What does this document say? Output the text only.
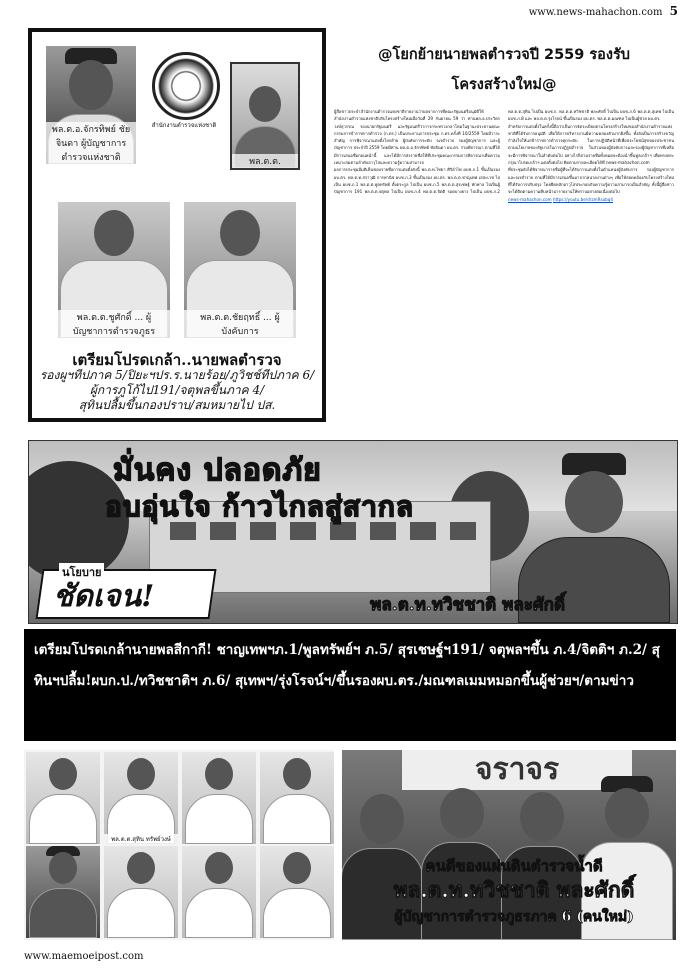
www.news-mahachon.com 5
พล.ต.อ.จักรทิพย์ ชัยจินดา ผู้บัญชาการตำรวจแห่งชาติ
สำนักงานตำรวจแห่งชาติ
พล.ต.ต.
พล.ต.ต.ชูศักดิ์ ... ผู้บัญชาการตำรวจภูธร
พล.ต.ต.ชัยฤทธิ์ ... ผู้บังคับการ
เตรียมโปรดเกล้า..นายพลตำรวจ
รองผูฯทีปภาค 5/ปิยะฯปร.ร.นายร้อย/ภูวิชช์ทีปภาค 6/
ผู้การภูโก้ไป191/จตุพลขึ้นภาค 4/
สุทินปลื้มขึ้นกองปราบ/สมหมายไป ปส.
@โยกย้ายนายพลตำรวจปี 2559 รองรับ
โครงสร้างใหม่@

ผู้สื่อข่าวประจำสำนักงานตำรวจแห่งชาติรายงานว่าผลจากการที่คณะรัฐมนตรีอนุมัติให้สำนักงานตำรวจแห่งชาติปรับโครงสร้างใหม่เมื่อวันที่ 29 กันยายน 59 ว่า ท่านพล.อ.ประวิตร วงษ์สุวรรณ รองนายกรัฐมนตรี และรัฐมนตรีว่าการกระทรวงกลาโหมในฐานะประธานคณะกรรมการข้าราชการตำรวจ (ก.ตร.) เป็นประธานการประชุม ก.ตร.ครั้งที่ 10/2559 โดยมีวาระสำคัญ การพิจารณาแต่งตั้งโยกย้าย ผู้บังคับการระดับ จเรตำรวจ รองผู้บัญชาการ และผู้บัญชาการ ประจำปี 2559 โดยมีท่าน พล.ต.อ.จักรทิพย์ ชัยจินดา ผบ.ตร. ร่วมพิจารณา ตามที่ได้มีการเสนอชื่อก่อนหน้านี้ และได้มีการส่งรายชื่อให้ที่ประชุมคณะกรรมการพิจารณาเพื่อความเหมาะสมตามลำดับอาวุโสและความรู้ความสามารถ

ผลการประชุมมีมติเห็นชอบรายชื่อการแต่งตั้งดังนี้ พล.ต.ท.ไชยา ศิริอำไพ ผบช.ภ.1 ขึ้นเป็นรอง ผบ.ตร. พล.ต.ท.สราวุฒิ การพานิช ผบช.ภ.3 ขึ้นเป็นรอง ผบ.ตร. พล.ต.ต.ชาญเทพ เสสะเวช ไปเป็น ผบช.ภ.1 พล.ต.ต.พูลทรัพย์ ตั้งตระกูล ไปเป็น ผบช.ภ.5 พล.ต.ต.สุรเชษฐ์ หักพาล ไปเป็นผู้บัญชาการ 191 พล.ต.ต.จตุพล ไปเป็น ผบช.ภ.4 พล.ต.ต.จิตติ รอดบางยาง ไปเป็น ผบช.ภ.2 พล.ต.ต.สุทิน ไปเป็น ผบช.ก. พล.ต.ต.ทวิชชาติ พละศักดิ์ ไปเป็น ผบช.ภ.6 พล.ต.ต.สุเทพ ไปเป็น ผบช.ภ.8 และ พล.ต.ต.รุ่งโรจน์ ขึ้นเป็นรอง ผบ.ตร. พล.ต.ต.มณฑล ไปเป็นผู้ช่วย ผบ.ตร.

สำหรับการแต่งตั้งในครั้งนี้ถือว่าเป็นการจัดระเบียบตามโครงสร้างใหม่ของสำนักงานตำรวจแห่งชาติที่ได้รับการอนุมัติ เพื่อให้การบริหารงานมีความคล่องตัวมากยิ่งขึ้น ทั้งยังเป็นการสร้างขวัญกำลังใจให้แก่ข้าราชการตำรวจทุกระดับ ในการปฏิบัติหน้าที่เพื่อประโยชน์สุขของประชาชน ตามนโยบายของรัฐบาลในการปฏิรูปตำรวจ ในส่วนของผู้บังคับการและรองผู้บัญชาการที่เหลือจะมีการพิจารณาในลำดับต่อไป อย่างไรก็ตามรายชื่อทั้งหมดจะต้องนำขึ้นทูลเกล้าฯ เพื่อทรงพระกรุณาโปรดเกล้าฯ แต่งตั้งต่อไป ติดตามรายละเอียดได้ที่ news-mahachon.com

ที่ประชุมยังได้พิจารณารายชื่อผู้ที่จะได้รับการแต่งตั้งในตำแหน่งผู้บังคับการ รองผู้บัญชาการ และจเรตำรวจ ตามที่ได้มีการเสนอขึ้นมาจากหน่วยงานต่างๆ เพื่อให้สอดคล้องกับโครงสร้างใหม่ที่ได้รับการปรับปรุง โดยยึดหลักอาวุโสประกอบกับความรู้ความสามารถเป็นสำคัญ ทั้งนี้ผู้สื่อข่าวจะได้ติดตามความคืบหน้ามารายงานให้ทราบอย่างต่อเนื่องต่อไป

news-mahachon.com https://youtu.be/drzmRsubq4

มั่นคง ปลอดภัย
อบอุ่นใจ ก้าวไกลสู่สากล
นโยบาย
ชัดเจน!	พล.ต.ท.ทวิชชาติ พละศักดิ์
เตรียมโปรดเกล้านายพลสีกากี! ชาญเทพฯภ.1/พูลทรัพย์ฯ ภ.5/ สุรเชษฐ์ฯ191/ จตุพลฯขึ้น ภ.4/จิตติฯ ภ.2/ สุทินฯปลื้ม!ผบก.ป./ทวิชชาติฯ ภ.6/ สุเทพฯ/รุ่งโรจน์ฯ/ขึ้นรองผบ.ตร./มณฑลเมมหมอกขึ้นผู้ช่วยฯ/ตามข่าว
พล.ต.ต.สุทิน ทรัพย์วงษ์
จราจร
คนดีของแผ่นดินตำรวจน้ำดี
พล.ต.ท.ทวิชชาติ พละศักดิ์
ผู้บัญชาการตำรวจภูธรภาค 6 (คนใหม่)
www.maemoeipost.com
